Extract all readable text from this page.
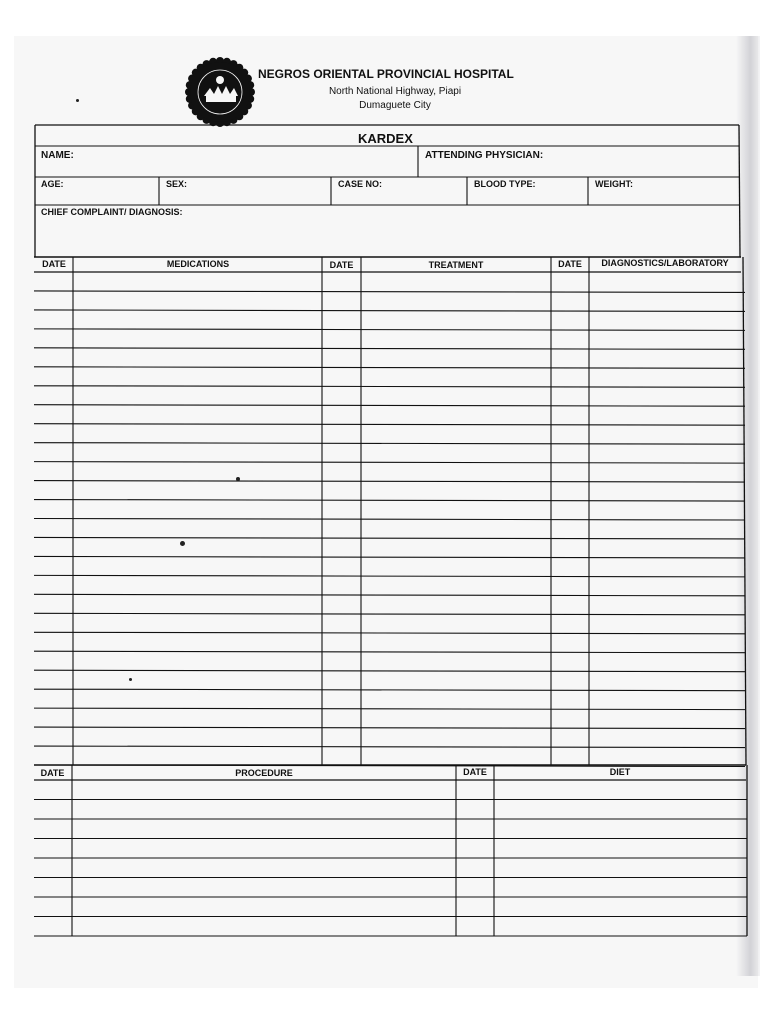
NEGROS ORIENTAL PROVINCIAL HOSPITAL
North National Highway, Piapi
Dumaguete City
KARDEX
NAME:	ATTENDING PHYSICIAN:
AGE:	SEX:	CASE NO:	BLOOD TYPE:	WEIGHT:
CHIEF COMPLAINT/ DIAGNOSIS:
DATE	MEDICATIONS	DATE	TREATMENT	DATE	DIAGNOSTICS/LABORATORY
DATE	PROCEDURE	DATE	DIET
